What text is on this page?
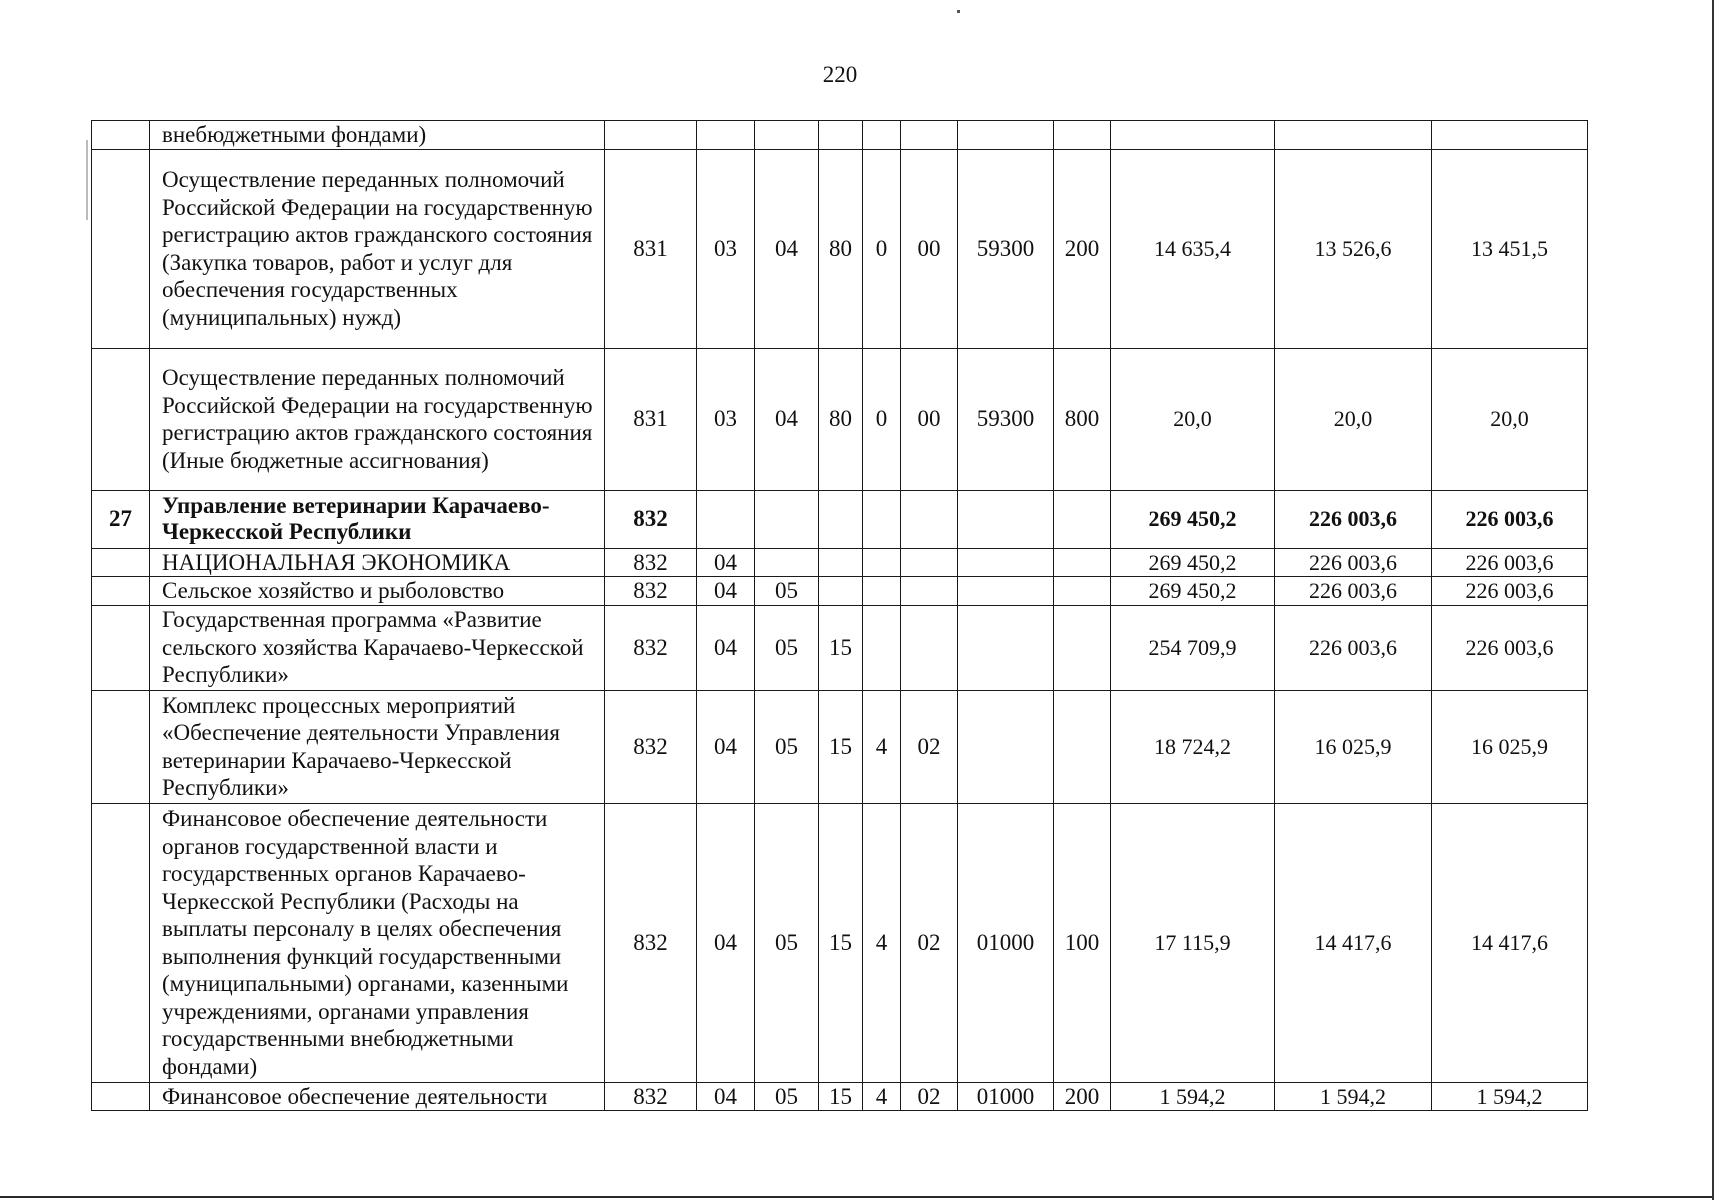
220
	внебюджетными фондами)											
	Осуществление переданных полномочий Российской Федерации на государственную регистрацию актов гражданского состояния (Закупка товаров, работ и услуг для обеспечения государственных (муниципальных) нужд)	831	03	04	80	0	00	59300	200	14 635,4	13 526,6	13 451,5
	Осуществление переданных полномочий Российской Федерации на государственную регистрацию актов гражданского состояния (Иные бюджетные ассигнования)	831	03	04	80	0	00	59300	800	20,0	20,0	20,0
27	Управление ветеринарии Карачаево-Черкесской Республики	832								269 450,2	226 003,6	226 003,6
	НАЦИОНАЛЬНАЯ ЭКОНОМИКА	832	04							269 450,2	226 003,6	226 003,6
	Сельское хозяйство и рыболовство	832	04	05						269 450,2	226 003,6	226 003,6
	Государственная программа «Развитие сельского хозяйства Карачаево-Черкесской Республики»	832	04	05	15					254 709,9	226 003,6	226 003,6
	Комплекс процессных мероприятий «Обеспечение деятельности Управления ветеринарии Карачаево-Черкесской Республики»	832	04	05	15	4	02			18 724,2	16 025,9	16 025,9
	Финансовое обеспечение деятельности органов государственной власти и государственных органов Карачаево-Черкесской Республики (Расходы на выплаты персоналу в целях обеспечения выполнения функций государственными (муниципальными) органами, казенными учреждениями, органами управления государственными внебюджетными фондами)	832	04	05	15	4	02	01000	100	17 115,9	14 417,6	14 417,6
	Финансовое обеспечение деятельности	832	04	05	15	4	02	01000	200	1 594,2	1 594,2	1 594,2
